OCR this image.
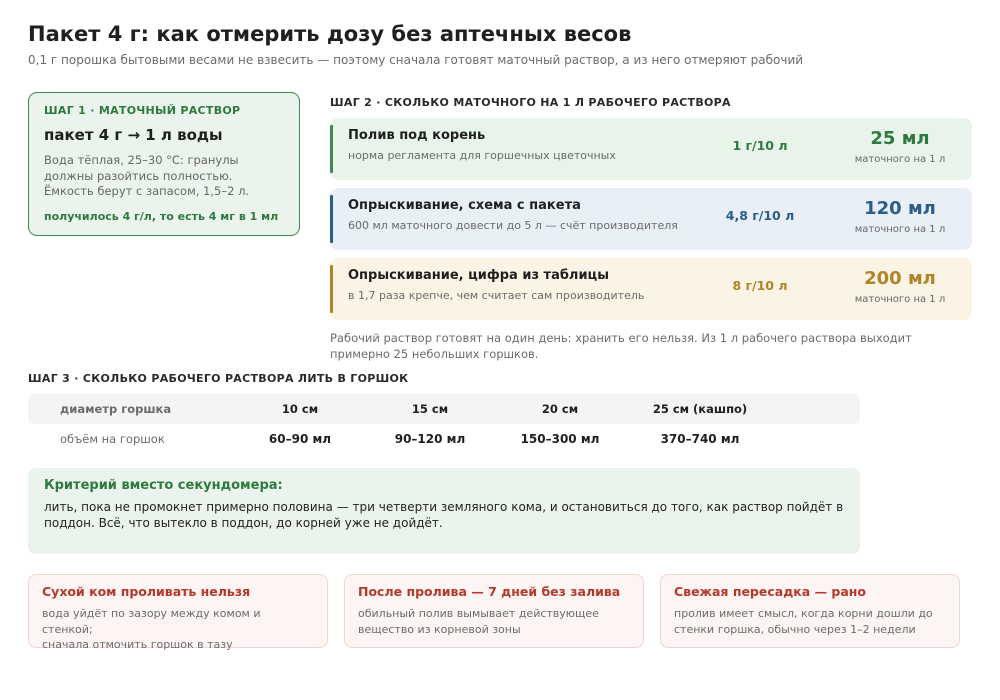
Пакет 4 г: как отмерить дозу без аптечных весов
0,1 г порошка бытовыми весами не взвесить — поэтому сначала готовят маточный раствор, а из него отмеряют рабочий
ШАГ 1 · МАТОЧНЫЙ РАСТВОР
пакет 4 г → 1 л воды
Вода тёплая, 25–30 °C: гранулы
должны разойтись полностью.
Ёмкость берут с запасом, 1,5–2 л.
получилось 4 г/л, то есть 4 мг в 1 мл
ШАГ 2 · СКОЛЬКО МАТОЧНОГО НА 1 Л РАБОЧЕГО РАСТВОРА
Полив под корень
норма регламента для горшечных цветочных
1 г/10 л	25 мл
маточного на 1 л
Опрыскивание, схема с пакета
600 мл маточного довести до 5 л — счёт производителя
4,8 г/10 л	120 мл
маточного на 1 л
Опрыскивание, цифра из таблицы
в 1,7 раза крепче, чем считает сам производитель
8 г/10 л	200 мл
маточного на 1 л
Рабочий раствор готовят на один день: хранить его нельзя. Из 1 л рабочего раствора выходит
примерно 25 небольших горшков.
ШАГ 3 · СКОЛЬКО РАБОЧЕГО РАСТВОРА ЛИТЬ В ГОРШОК
диаметр горшка	10 см	15 см	20 см	25 см (кашпо)
объём на горшок	60–90 мл	90–120 мл	150–300 мл	370–740 мл
Критерий вместо секундомера:
лить, пока не промокнет примерно половина — три четверти земляного кома, и остановиться до того, как раствор пойдёт в
поддон. Всё, что вытекло в поддон, до корней уже не дойдёт.
Сухой ком проливать нельзя
вода уйдёт по зазору между комом и стенкой;
сначала отмочить горшок в тазу
После пролива — 7 дней без залива
обильный полив вымывает действующее
вещество из корневой зоны
Свежая пересадка — рано
пролив имеет смысл, когда корни дошли до
стенки горшка, обычно через 1–2 недели
